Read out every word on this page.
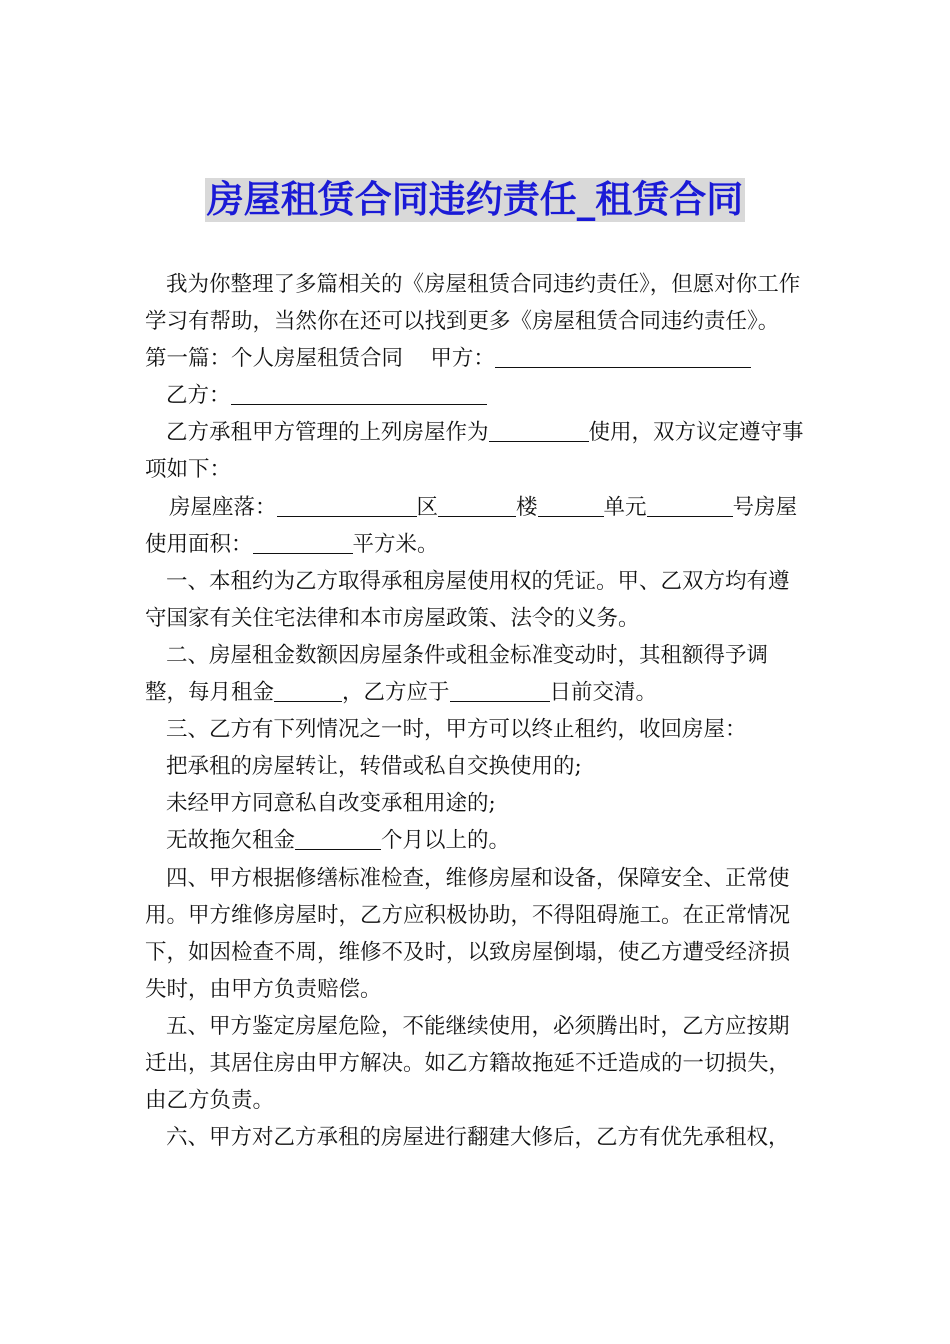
房屋租赁合同违约责任_租赁合同

我为你整理了多篇相关的《房屋租赁合同违约责任》，但愿对你工作学习有帮助，当然你在还可以找到更多《房屋租赁合同违约责任》。

第一篇：个人房屋租赁合同 甲方：

乙方：

乙方承租甲方管理的上列房屋作为	使用，双方议定遵守事项如下：

房屋座落：	区	楼	单元	号房屋使用面积：	平方米。

一、本租约为乙方取得承租房屋使用权的凭证。甲、乙双方均有遵守国家有关住宅法律和本市房屋政策、法令的义务。

二、房屋租金数额因房屋条件或租金标准变动时，其租额得予调整，每月租金	，乙方应于	日前交清。

三、乙方有下列情况之一时，甲方可以终止租约，收回房屋：

把承租的房屋转让，转借或私自交换使用的;

未经甲方同意私自改变承租用途的;

无故拖欠租金	个月以上的。

四、甲方根据修缮标准检查，维修房屋和设备，保障安全、正常使用。甲方维修房屋时，乙方应积极协助，不得阻碍施工。在正常情况下，如因检查不周，维修不及时，以致房屋倒塌，使乙方遭受经济损失时，由甲方负责赔偿。

五、甲方鉴定房屋危险，不能继续使用，必须腾出时，乙方应按期迁出，其居住房由甲方解决。如乙方籍故拖延不迁造成的一切损失，由乙方负责。

六、甲方对乙方承租的房屋进行翻建大修后，乙方有优先承租权，
